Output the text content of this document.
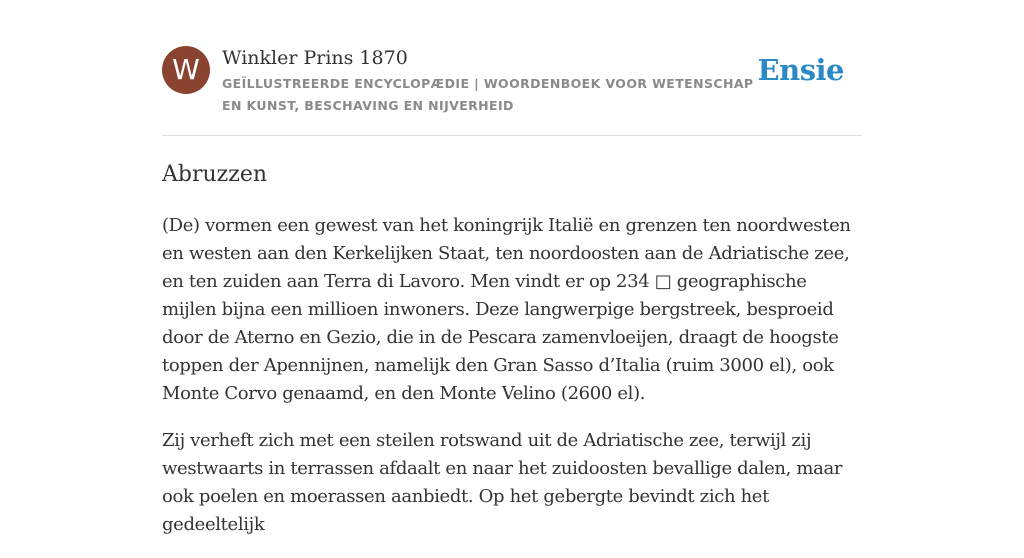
W	Winkler Prins 1870
GEÏLLUSTREERDE ENCYCLOPÆDIE | WOORDENBOEK VOOR WETENSCHAP EN KUNST, BESCHAVING EN NIJVERHEID
Ensie
Abruzzen

(De) vormen een gewest van het koningrijk Italië en grenzen ten noordwesten en westen aan den Kerkelijken Staat, ten noordoosten aan de Adriatische zee, en ten zuiden aan Terra di Lavoro. Men vindt er op 234 □ geographische mijlen bijna een millioen inwoners. Deze langwerpige bergstreek, besproeid door de Aterno en Gezio, die in de Pescara zamenvloeijen, draagt de hoogste toppen der Apennijnen, namelijk den Gran Sasso d’Italia (ruim 3000 el), ook Monte Corvo genaamd, en den Monte Velino (2600 el).

Zij verheft zich met een steilen rotswand uit de Adriatische zee, terwijl zij westwaarts in terrassen afdaalt en naar het zuidoosten bevallige dalen, maar ook poelen en moerassen aanbiedt. Op het gebergte bevindt zich het gedeeltelijk
